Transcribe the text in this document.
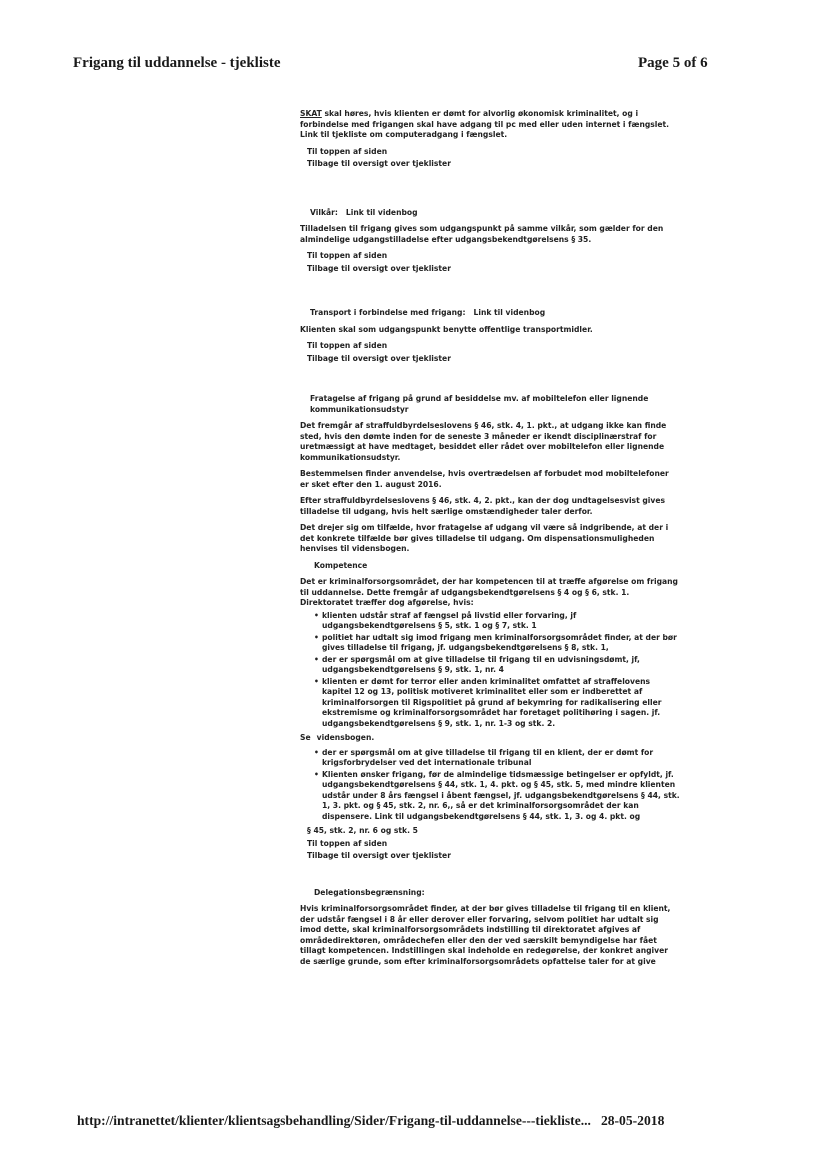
Frigang til uddannelse - tjekliste	Page 5 of 6
SKAT skal høres, hvis klienten er dømt for alvorlig økonomisk kriminalitet, og i forbindelse med frigangen skal have adgang til pc med eller uden internet i fængslet. Link til tjekliste om computeradgang i fængslet.
Til toppen af siden
Tilbage til oversigt over tjeklister
Vilkår: Link til videnbog
Tilladelsen til frigang gives som udgangspunkt på samme vilkår, som gælder for den almindelige udgangstilladelse efter udgangsbekendtgørelsens § 35.
Til toppen af siden
Tilbage til oversigt over tjeklister
Transport i forbindelse med frigang: Link til videnbog
Klienten skal som udgangspunkt benytte offentlige transportmidler.
Til toppen af siden
Tilbage til oversigt over tjeklister
Fratagelse af frigang på grund af besiddelse mv. af mobiltelefon eller lignende kommunikationsudstyr
Det fremgår af straffuldbyrdelseslovens § 46, stk. 4, 1. pkt., at udgang ikke kan finde sted, hvis den dømte inden for de seneste 3 måneder er ikendt disciplinærstraf for uretmæssigt at have medtaget, besiddet eller rådet over mobiltelefon eller lignende kommunikationsudstyr.
Bestemmelsen finder anvendelse, hvis overtrædelsen af forbudet mod mobiltelefoner er sket efter den 1. august 2016.
Efter straffuldbyrdelseslovens § 46, stk. 4, 2. pkt., kan der dog undtagelsesvist gives tilladelse til udgang, hvis helt særlige omstændigheder taler derfor.
Det drejer sig om tilfælde, hvor fratagelse af udgang vil være så indgribende, at der i det konkrete tilfælde bør gives tilladelse til udgang. Om dispensationsmuligheden henvises til vidensbogen.
Kompetence
Det er kriminalforsorgsområdet, der har kompetencen til at træffe afgørelse om frigang til uddannelse. Dette fremgår af udgangsbekendtgørelsens § 4 og § 6, stk. 1. Direktoratet træffer dog afgørelse, hvis:
• klienten udstår straf af fængsel på livstid eller forvaring, jf udgangsbekendtgørelsens § 5, stk. 1 og § 7, stk. 1
• politiet har udtalt sig imod frigang men kriminalforsorgsområdet finder, at der bør gives tilladelse til frigang, jf. udgangsbekendtgørelsens § 8, stk. 1,
• der er spørgsmål om at give tilladelse til frigang til en udvisningsdømt, jf, udgangsbekendtgørelsens § 9, stk. 1, nr. 4
• klienten er dømt for terror eller anden kriminalitet omfattet af straffelovens kapitel 12 og 13, politisk motiveret kriminalitet eller som er indberettet af kriminalforsorgen til Rigspolitiet på grund af bekymring for radikalisering eller ekstremisme og kriminalforsorgsområdet har foretaget politihøring i sagen. jf. udgangsbekendtgørelsens § 9, stk. 1, nr. 1-3 og stk. 2.
Se vidensbogen.
• der er spørgsmål om at give tilladelse til frigang til en klient, der er dømt for krigsforbrydelser ved det internationale tribunal
• Klienten ønsker frigang, før de almindelige tidsmæssige betingelser er opfyldt, jf. udgangsbekendtgørelsens § 44, stk. 1, 4. pkt. og § 45, stk. 5, med mindre klienten udstår under 8 års fængsel i åbent fængsel, jf. udgangsbekendtgørelsens § 44, stk. 1, 3. pkt. og § 45, stk. 2, nr. 6,, så er det kriminalforsorgsområdet der kan dispensere. Link til udgangsbekendtgørelsens § 44, stk. 1, 3. og 4. pkt. og
§ 45, stk. 2, nr. 6 og stk. 5
Til toppen af siden
Tilbage til oversigt over tjeklister
Delegationsbegrænsning:
Hvis kriminalforsorgsområdet finder, at der bør gives tilladelse til frigang til en klient, der udstår fængsel i 8 år eller derover eller forvaring, selvom politiet har udtalt sig imod dette, skal kriminalforsorgsområdets indstilling til direktoratet afgives af områdedirektøren, områdechefen eller den der ved særskilt bemyndigelse har fået tillagt kompetencen. Indstillingen skal indeholde en redegørelse, der konkret angiver de særlige grunde, som efter kriminalforsorgsområdets opfattelse taler for at give
http://intranettet/klienter/klientsagsbehandling/Sider/Frigang-til-uddannelse---tiekliste... 28-05-2018
